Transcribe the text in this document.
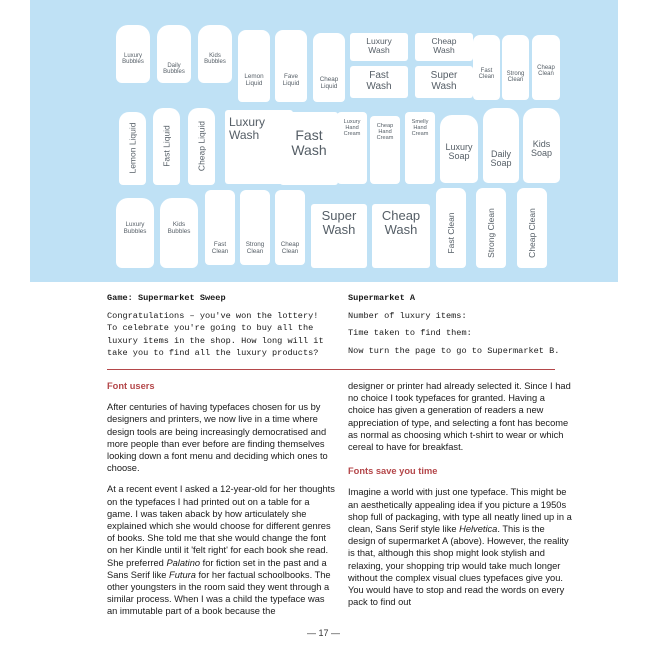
Luxury
Bubbles
Daily
Bubbles
Kids
Bubbles
Lemon
Liquid
Fave
Liquid
Cheap
Liquid
Luxury
Wash
Cheap
Wash
Fast
Wash
Super
Wash
Fast
Clean
Strong
Clean
Cheap
Clean
Lemon Liquid	Fast Liquid	Cheap Liquid Luxury
Wash	Fast
Wash
Luxury
Hand
Cream
Cheap
Hand
Cream
Smelly
Hand
Cream
Luxury
Soap	Daily
Soap
Kids
Soap
Luxury
Bubbles
Kids
Bubbles
Fast
Clean
Strong
Clean
Cheap
Clean
Super
Wash
Cheap
Wash	Fast Clean	Strong Clean	Cheap Clean
Game: Supermarket Sweep
Congratulations – you've won the lottery! To celebrate you're going to buy all the luxury items in the shop. How long will it take you to find all the luxury products?
Supermarket A
Number of luxury items:
Time taken to find them:
Now turn the page to go to Supermarket B.
Font users

After centuries of having typefaces chosen for us by designers and printers, we now live in a time where design tools are being increasingly democratised and more people than ever before are finding themselves looking down a font menu and deciding which ones to choose.

At a recent event I asked a 12-year-old for her thoughts on the typefaces I had printed out on a table for a game. I was taken aback by how articulately she explained which she would choose for different genres of books. She told me that she would change the font on her Kindle until it 'felt right' for each book she read. She preferred Palatino for fiction set in the past and a Sans Serif like Futura for her factual schoolbooks. The other youngsters in the room said they went through a similar process. When I was a child the typeface was an immutable part of a book because the

designer or printer had already selected it. Since I had no choice I took typefaces for granted. Having a choice has given a generation of readers a new appreciation of type, and selecting a font has become as normal as choosing which t-shirt to wear or which cereal to have for breakfast.

Fonts save you time

Imagine a world with just one typeface. This might be an aesthetically appealing idea if you picture a 1950s shop full of packaging, with type all neatly lined up in a clean, Sans Serif style like Helvetica. This is the design of supermarket A (above). However, the reality is that, although this shop might look stylish and relaxing, your shopping trip would take much longer without the complex visual clues typefaces give you. You would have to stop and read the words on every pack to find out

— 17 —
